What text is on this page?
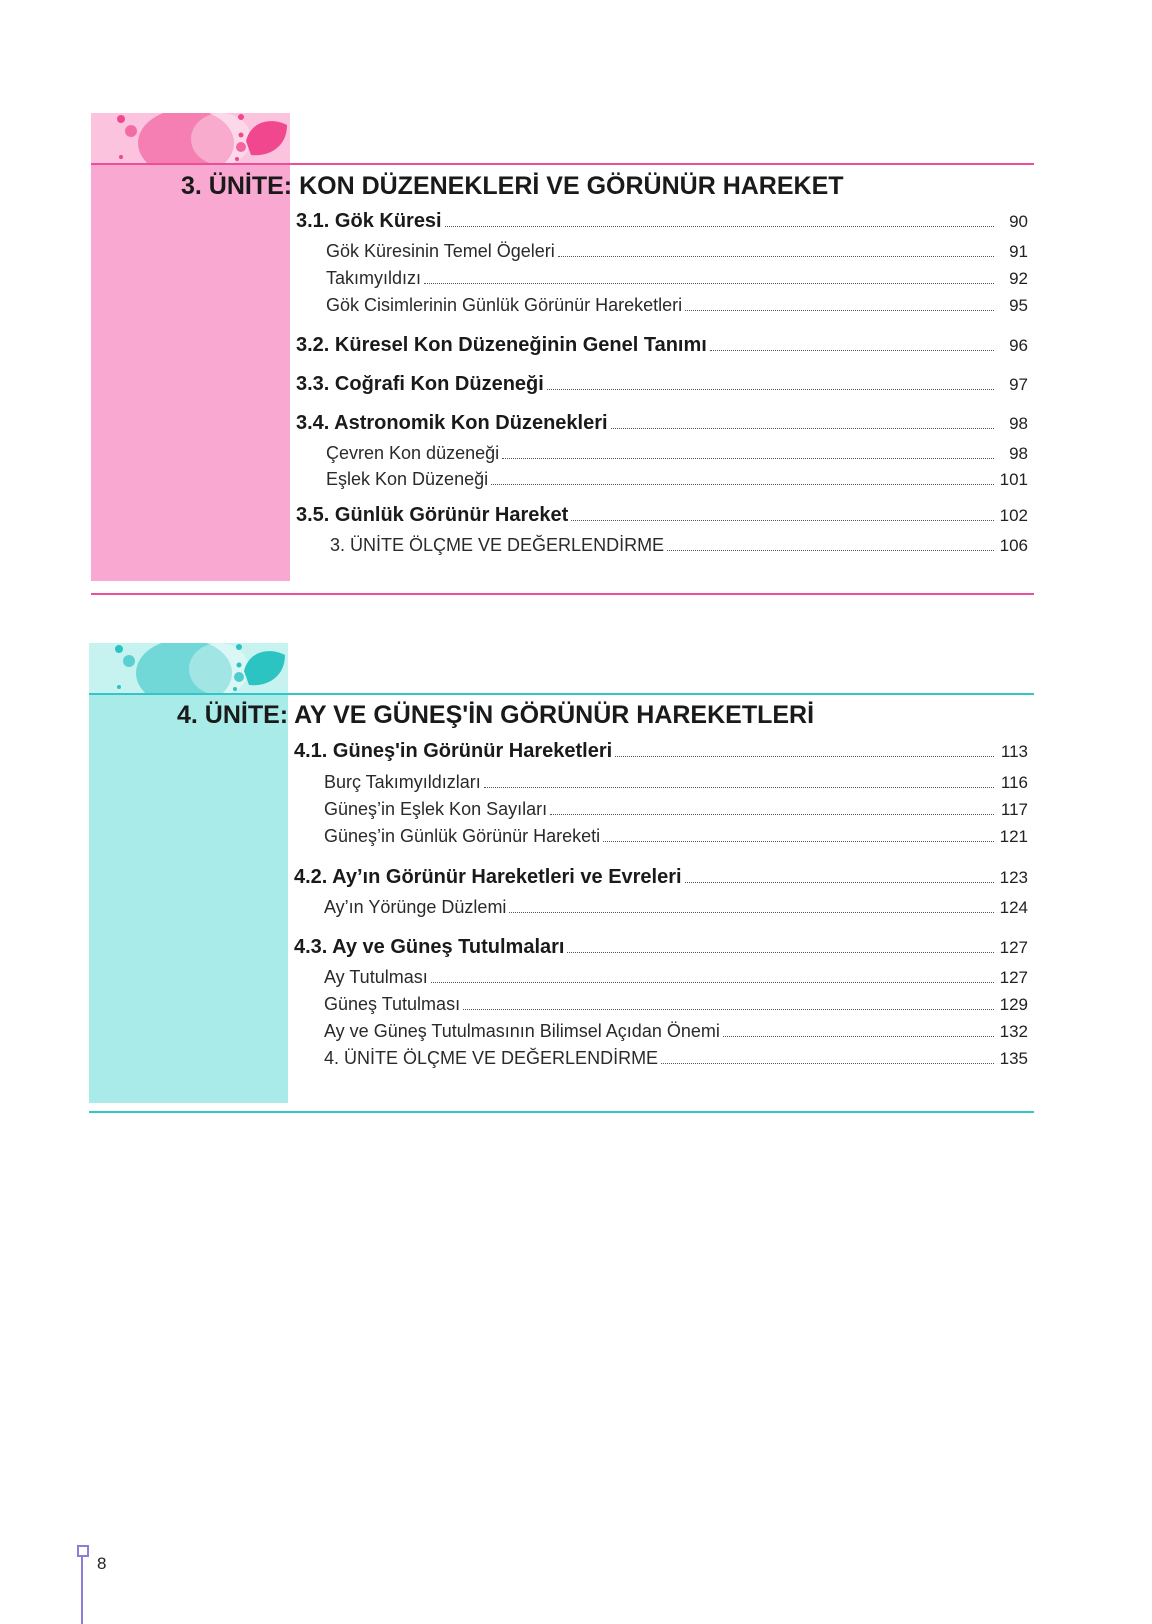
3. ÜNİTE: KON DÜZENEKLERİ VE GÖRÜNÜR HAREKET
3.1. Gök Küresi	90
Gök Küresinin Temel Ögeleri	91
Takımyıldızı	92
Gök Cisimlerinin Günlük Görünür Hareketleri	95
3.2. Küresel Kon Düzeneğinin Genel Tanımı	96
3.3. Coğrafi Kon Düzeneği	97
3.4. Astronomik Kon Düzenekleri	98
Çevren Kon düzeneği	98
Eşlek Kon Düzeneği	101
3.5. Günlük Görünür Hareket	102
3. ÜNİTE ÖLÇME VE DEĞERLENDİRME	106
4. ÜNİTE: AY VE GÜNEŞ'İN GÖRÜNÜR HAREKETLERİ
4.1. Güneş'in Görünür Hareketleri	113
Burç Takımyıldızları	116
Güneş’in Eşlek Kon Sayıları	117
Güneş’in Günlük Görünür Hareketi	121
4.2. Ay’ın Görünür Hareketleri ve Evreleri	123
Ay’ın Yörünge Düzlemi	124
4.3. Ay ve Güneş Tutulmaları	127
Ay Tutulması	127
Güneş Tutulması	129
Ay ve Güneş Tutulmasının Bilimsel Açıdan Önemi	132
4. ÜNİTE ÖLÇME VE DEĞERLENDİRME	135
8
